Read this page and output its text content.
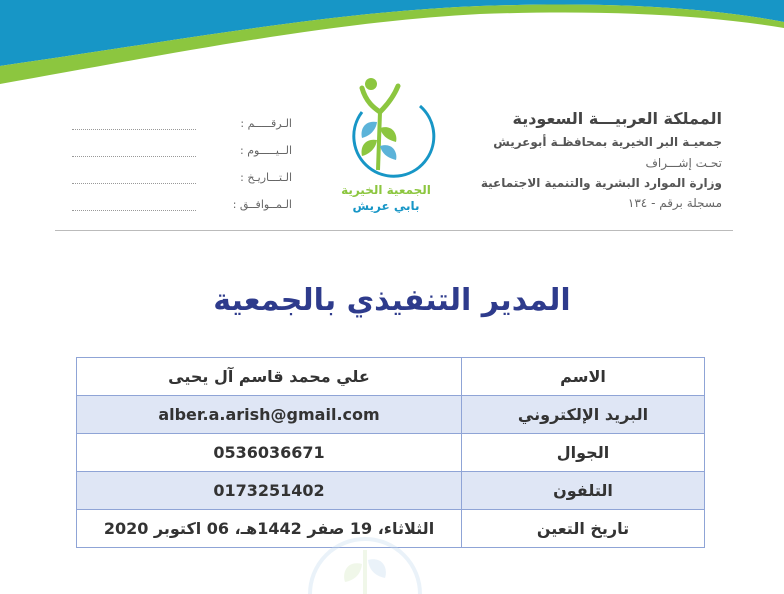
المملكة العربيـــة السعودية
جمعيـة البر الخيرية بمحافظـة أبوعريش
تحـت إشـــراف
وزارة الموارد البشرية والتنمية الاجتماعية
مسجلة برقم - ١٣٤
الجمعية الخيرية
بابي عريش
الـرقـــــم :
الــيـــــوم :
الـتـــاريـخ :
الـمــوافــق :
المدير التنفيذي بالجمعية
الاسم	علي محمد قاسم آل يحيى
البريد الإلكتروني	alber.a.arish@gmail.com
الجوال	0536036671
التلفون	0173251402
تاريخ التعين	الثلاثاء، 19 صفر 1442هـ، 06 اكتوبر 2020
